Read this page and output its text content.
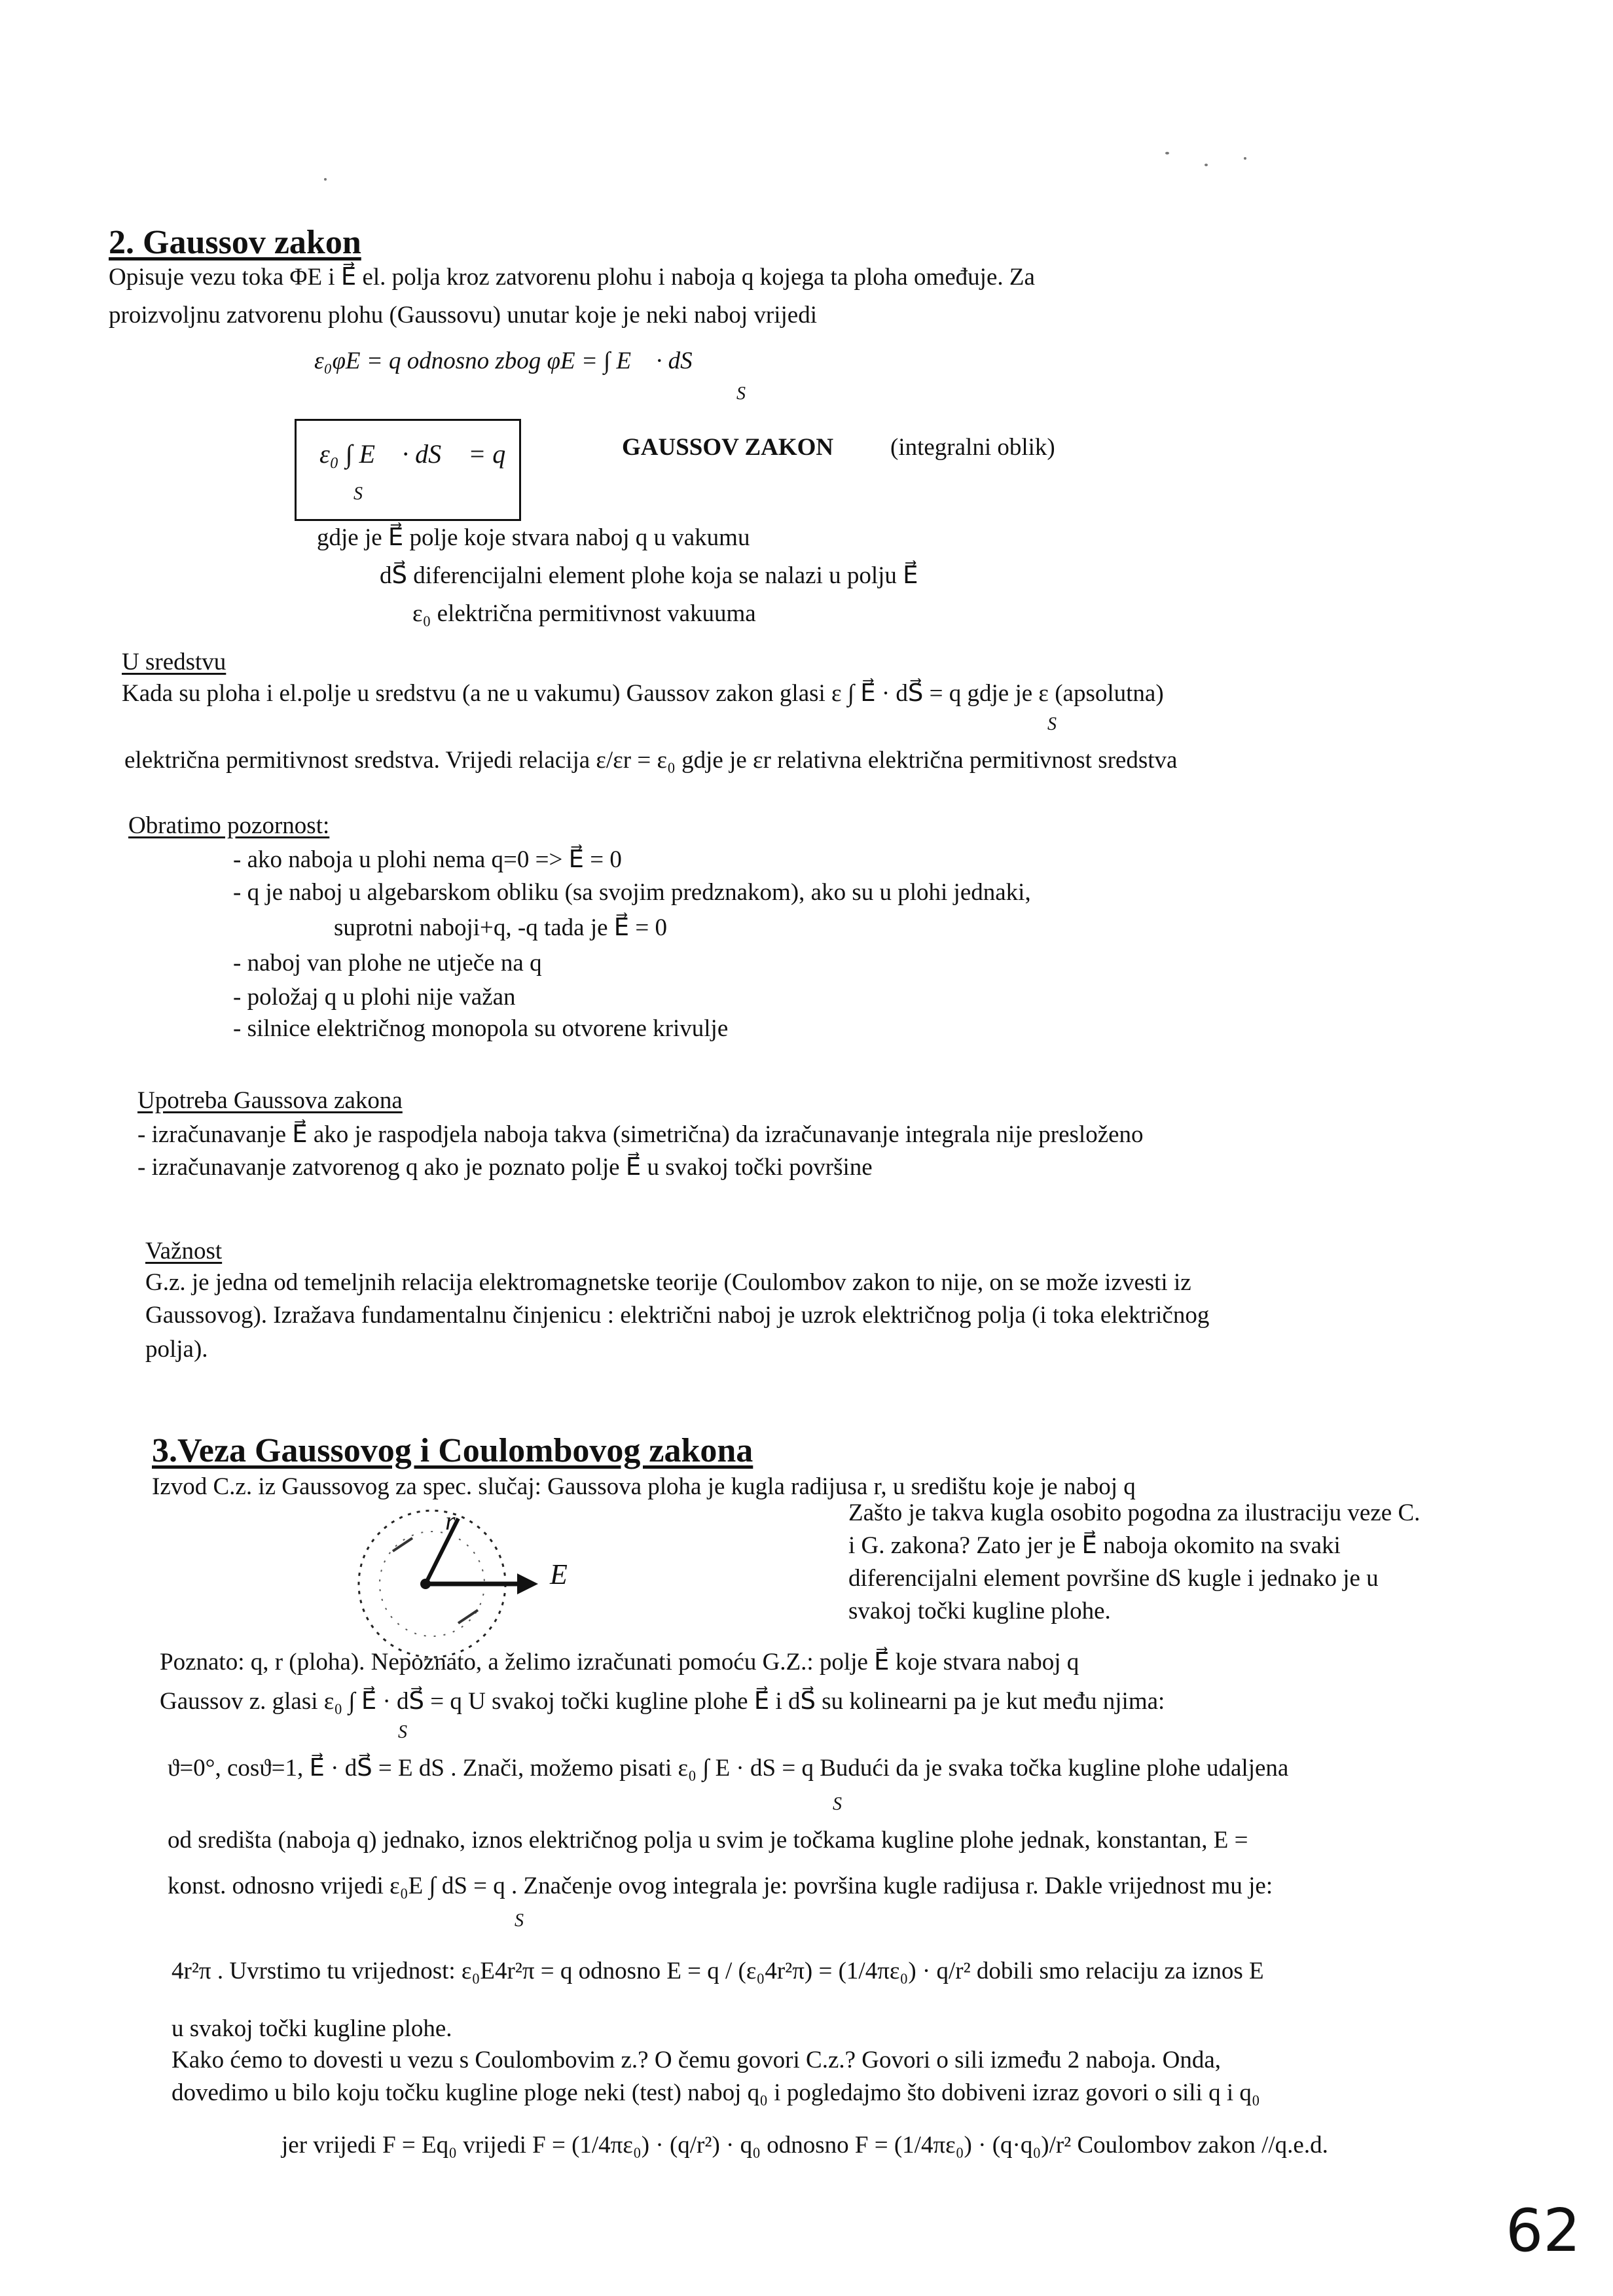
2. Gaussov zakon
Opisuje vezu toka ΦE i E⃗ el. polja kroz zatvorenu plohu i naboja q kojega ta ploha omeđuje. Za
proizvoljnu zatvorenu plohu (Gaussovu) unutar koje je neki naboj vrijedi
ε₀φE = q odnosno zbog φE = ∫ E⃗ · dS⃗
S
ε₀ ∫ E⃗ · dS⃗ = q
S
GAUSSOV ZAKON (integralni oblik)
gdje je E⃗ polje koje stvara naboj q u vakumu
dS⃗ diferencijalni element plohe koja se nalazi u polju E⃗
ε₀ električna permitivnost vakuuma
U sredstvu
Kada su ploha i el.polje u sredstvu (a ne u vakumu) Gaussov zakon glasi ε ∫ E⃗ · dS⃗ = q gdje je ε (apsolutna)
S
električna permitivnost sredstva. Vrijedi relacija ε/εr = ε₀ gdje je εr relativna električna permitivnost sredstva
Obratimo pozornost:
- ako naboja u plohi nema q=0 => E⃗ = 0
- q je naboj u algebarskom obliku (sa svojim predznakom), ako su u plohi jednaki,
suprotni naboji+q, -q tada je E⃗ = 0
- naboj van plohe ne utječe na q
- položaj q u plohi nije važan
- silnice električnog monopola su otvorene krivulje
Upotreba Gaussova zakona
- izračunavanje E⃗ ako je raspodjela naboja takva (simetrična) da izračunavanje integrala nije presloženo
- izračunavanje zatvorenog q ako je poznato polje E⃗ u svakoj točki površine
Važnost
G.z. je jedna od temeljnih relacija elektromagnetske teorije (Coulombov zakon to nije, on se može izvesti iz
Gaussovog). Izražava fundamentalnu činjenicu : električni naboj je uzrok električnog polja (i toka električnog
polja).
3.Veza Gaussovog i Coulombovog zakona
Izvod C.z. iz Gaussovog za spec. slučaj: Gaussova ploha je kugla radijusa r, u središtu koje je naboj q
E⃗
r	Zašto je takva kugla osobito pogodna za ilustraciju veze C.
i G. zakona? Zato jer je E⃗ naboja okomito na svaki
diferencijalni element površine dS kugle i jednako je u
svakoj točki kugline plohe.
Poznato: q, r (ploha). Nepoznato, a želimo izračunati pomoću G.Z.: polje E⃗ koje stvara naboj q
Gaussov z. glasi ε₀ ∫ E⃗ · dS⃗ = q U svakoj točki kugline plohe E⃗ i dS⃗ su kolinearni pa je kut među njima:
S
ϑ=0°, cosϑ=1, E⃗ · dS⃗ = E dS . Znači, možemo pisati ε₀ ∫ E · dS = q Budući da je svaka točka kugline plohe udaljena
S
od središta (naboja q) jednako, iznos električnog polja u svim je točkama kugline plohe jednak, konstantan, E =
konst. odnosno vrijedi ε₀E ∫ dS = q . Značenje ovog integrala je: površina kugle radijusa r. Dakle vrijednost mu je:
S
4r²π . Uvrstimo tu vrijednost: ε₀E4r²π = q odnosno E = q / (ε₀4r²π) = (1/4πε₀) · q/r² dobili smo relaciju za iznos E
u svakoj točki kugline plohe.
Kako ćemo to dovesti u vezu s Coulombovim z.? O čemu govori C.z.? Govori o sili između 2 naboja. Onda,
dovedimo u bilo koju točku kugline ploge neki (test) naboj q₀ i pogledajmo što dobiveni izraz govori o sili q i q₀
jer vrijedi F = Eq₀ vrijedi F = (1/4πε₀) · (q/r²) · q₀ odnosno F = (1/4πε₀) · (q·q₀)/r² Coulombov zakon //q.e.d.
62
